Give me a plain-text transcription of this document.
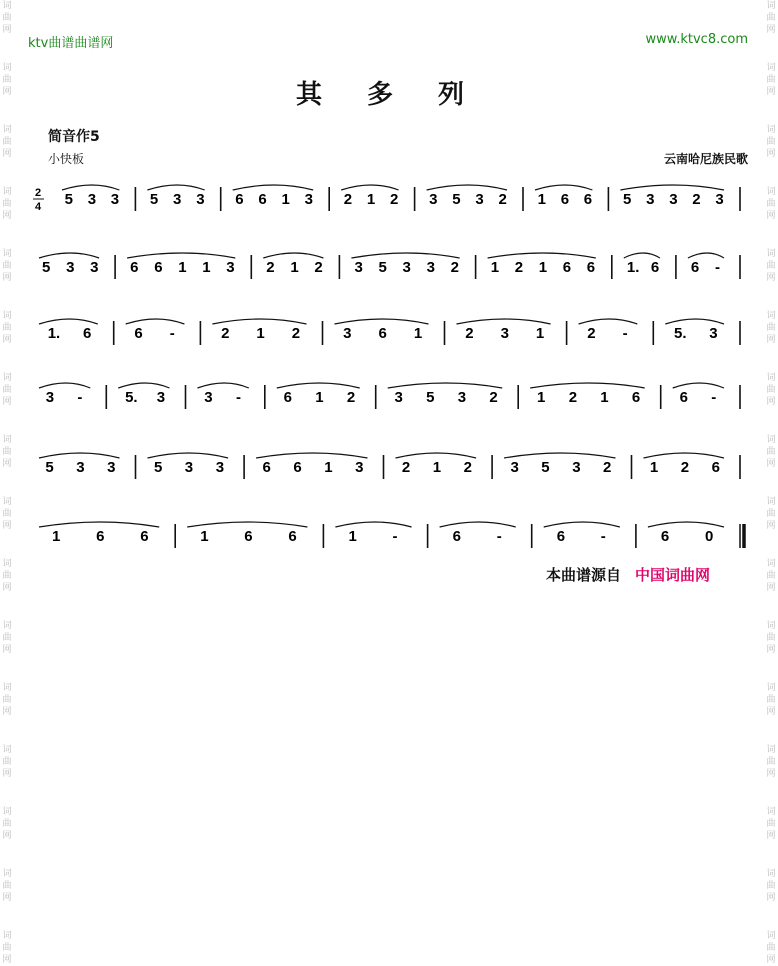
词
曲
网
词
曲
网
词
曲
网
词
曲
网
词
曲
网
词
曲
网
词
曲
网
词
曲
网
词
曲
网
词
曲
网
词
曲
网
词
曲
网
词
曲
网
词
曲
网
词
曲
网
词
曲
网
词
曲
网
词
曲
网
词
曲
网
词
曲
网
词
曲
网
词
曲
网
词
曲
网
词
曲
网
词
曲
网
词
曲
网
词
曲
网
词
曲
网
词
曲
网
词
曲
网
词
曲
网
词
曲
网
ktv曲谱曲谱网	www.ktvc8.com
其 多 列
简音作5
小快板	云南哈尼族民歌
2
4 5 3 3 5 3 3 6 6 1 3 2 1 2 3 5 3 2 1 6 6 5 3 3 2 3
5 3 3 6 6 1 1 3 2 1 2 3 5 3 3 2 1 2 1 6 6 1. 6 6 -
1. 6	6 -	2 1 2	3 6 1	2 3 1	2 -	5. 3
3 -	5. 3	3 -	6 1 2	3 5 3 2	1 2 1 6	6 -
5 3 3	5 3 3	6 6 1 3	2 1 2	3 5 3 2	1 2 6
1 6 6	1 6 6	1 -	6 -	6 -	6 0
本曲谱源自 中国词曲网
